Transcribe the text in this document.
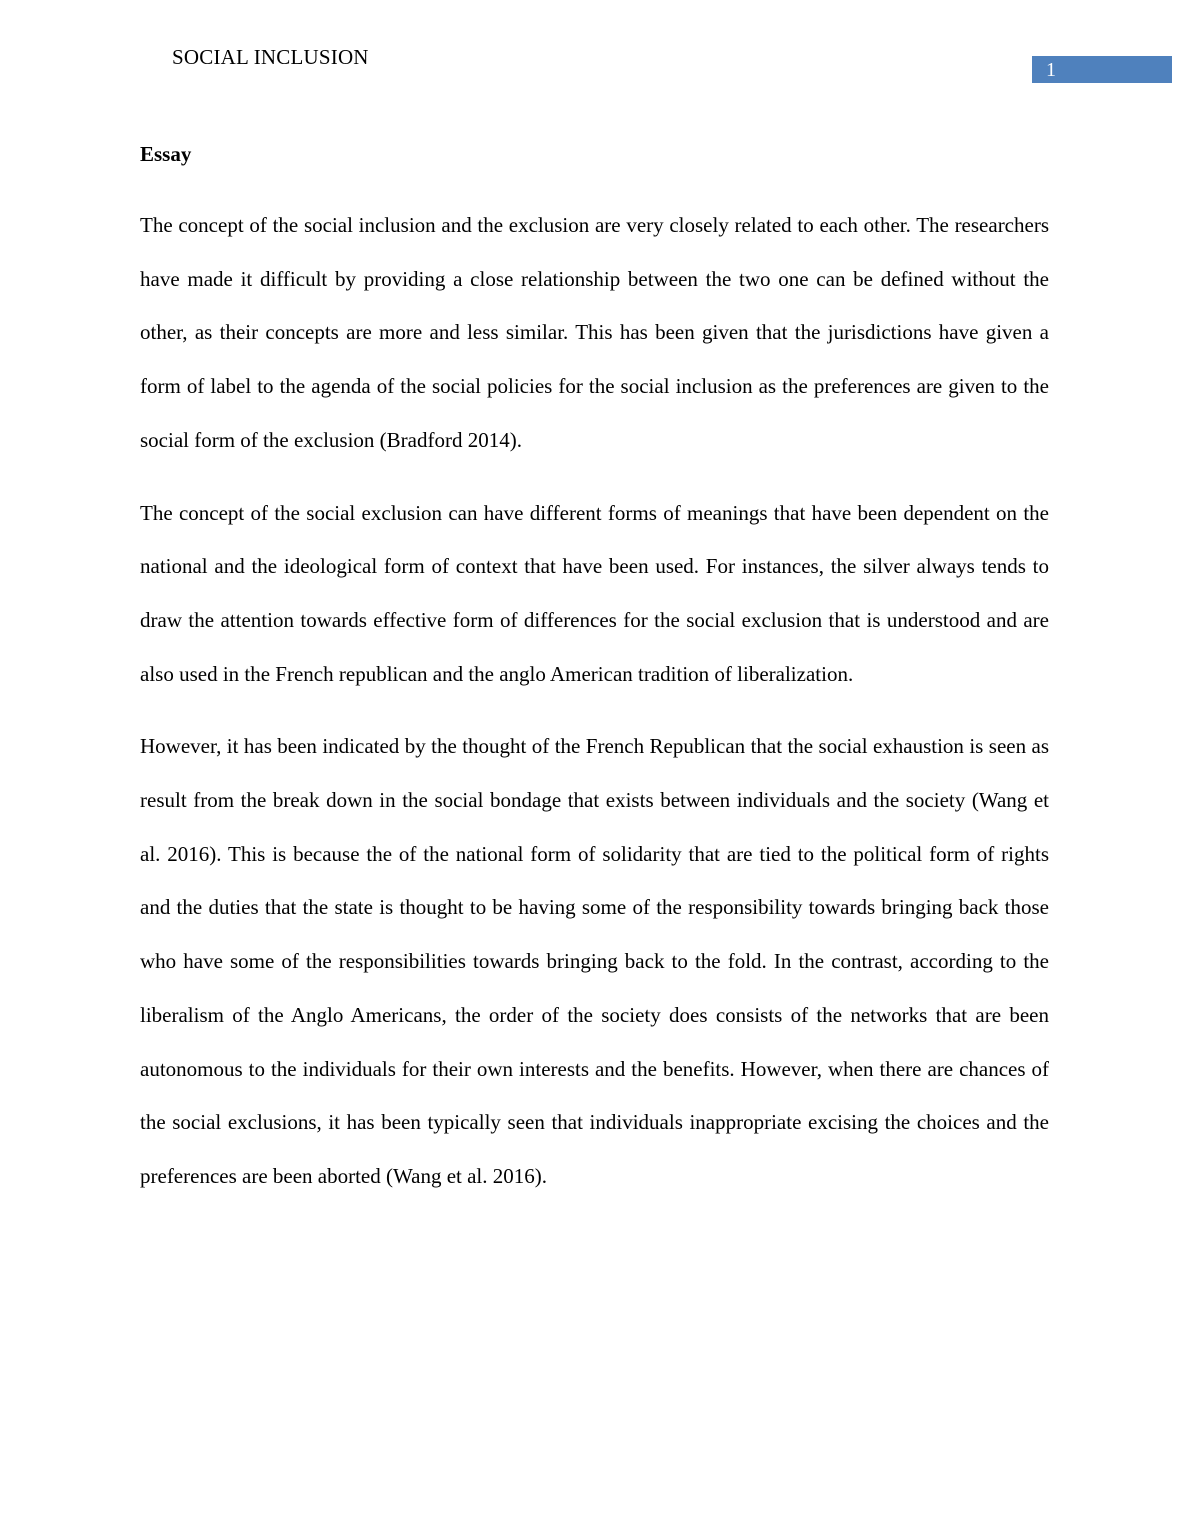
SOCIAL INCLUSION
1
Essay

The concept of the social inclusion and the exclusion are very closely related to each other. The researchers have made it difficult by providing a close relationship between the two one can be defined without the other, as their concepts are more and less similar. This has been given that the jurisdictions have given a form of label to the agenda of the social policies for the social inclusion as the preferences are given to the social form of the exclusion (Bradford 2014).

The concept of the social exclusion can have different forms of meanings that have been dependent on the national and the ideological form of context that have been used. For instances, the silver always tends to draw the attention towards effective form of differences for the social exclusion that is understood and are also used in the French republican and the anglo American tradition of liberalization.

However, it has been indicated by the thought of the French Republican that the social exhaustion is seen as result from the break down in the social bondage that exists between individuals and the society (Wang et al. 2016). This is because the of the national form of solidarity that are tied to the political form of rights and the duties that the state is thought to be having some of the responsibility towards bringing back those who have some of the responsibilities towards bringing back to the fold. In the contrast, according to the liberalism of the Anglo Americans, the order of the society does consists of the networks that are been autonomous to the individuals for their own interests and the benefits. However, when there are chances of the social exclusions, it has been typically seen that individuals inappropriate excising the choices and the preferences are been aborted (Wang et al. 2016).
